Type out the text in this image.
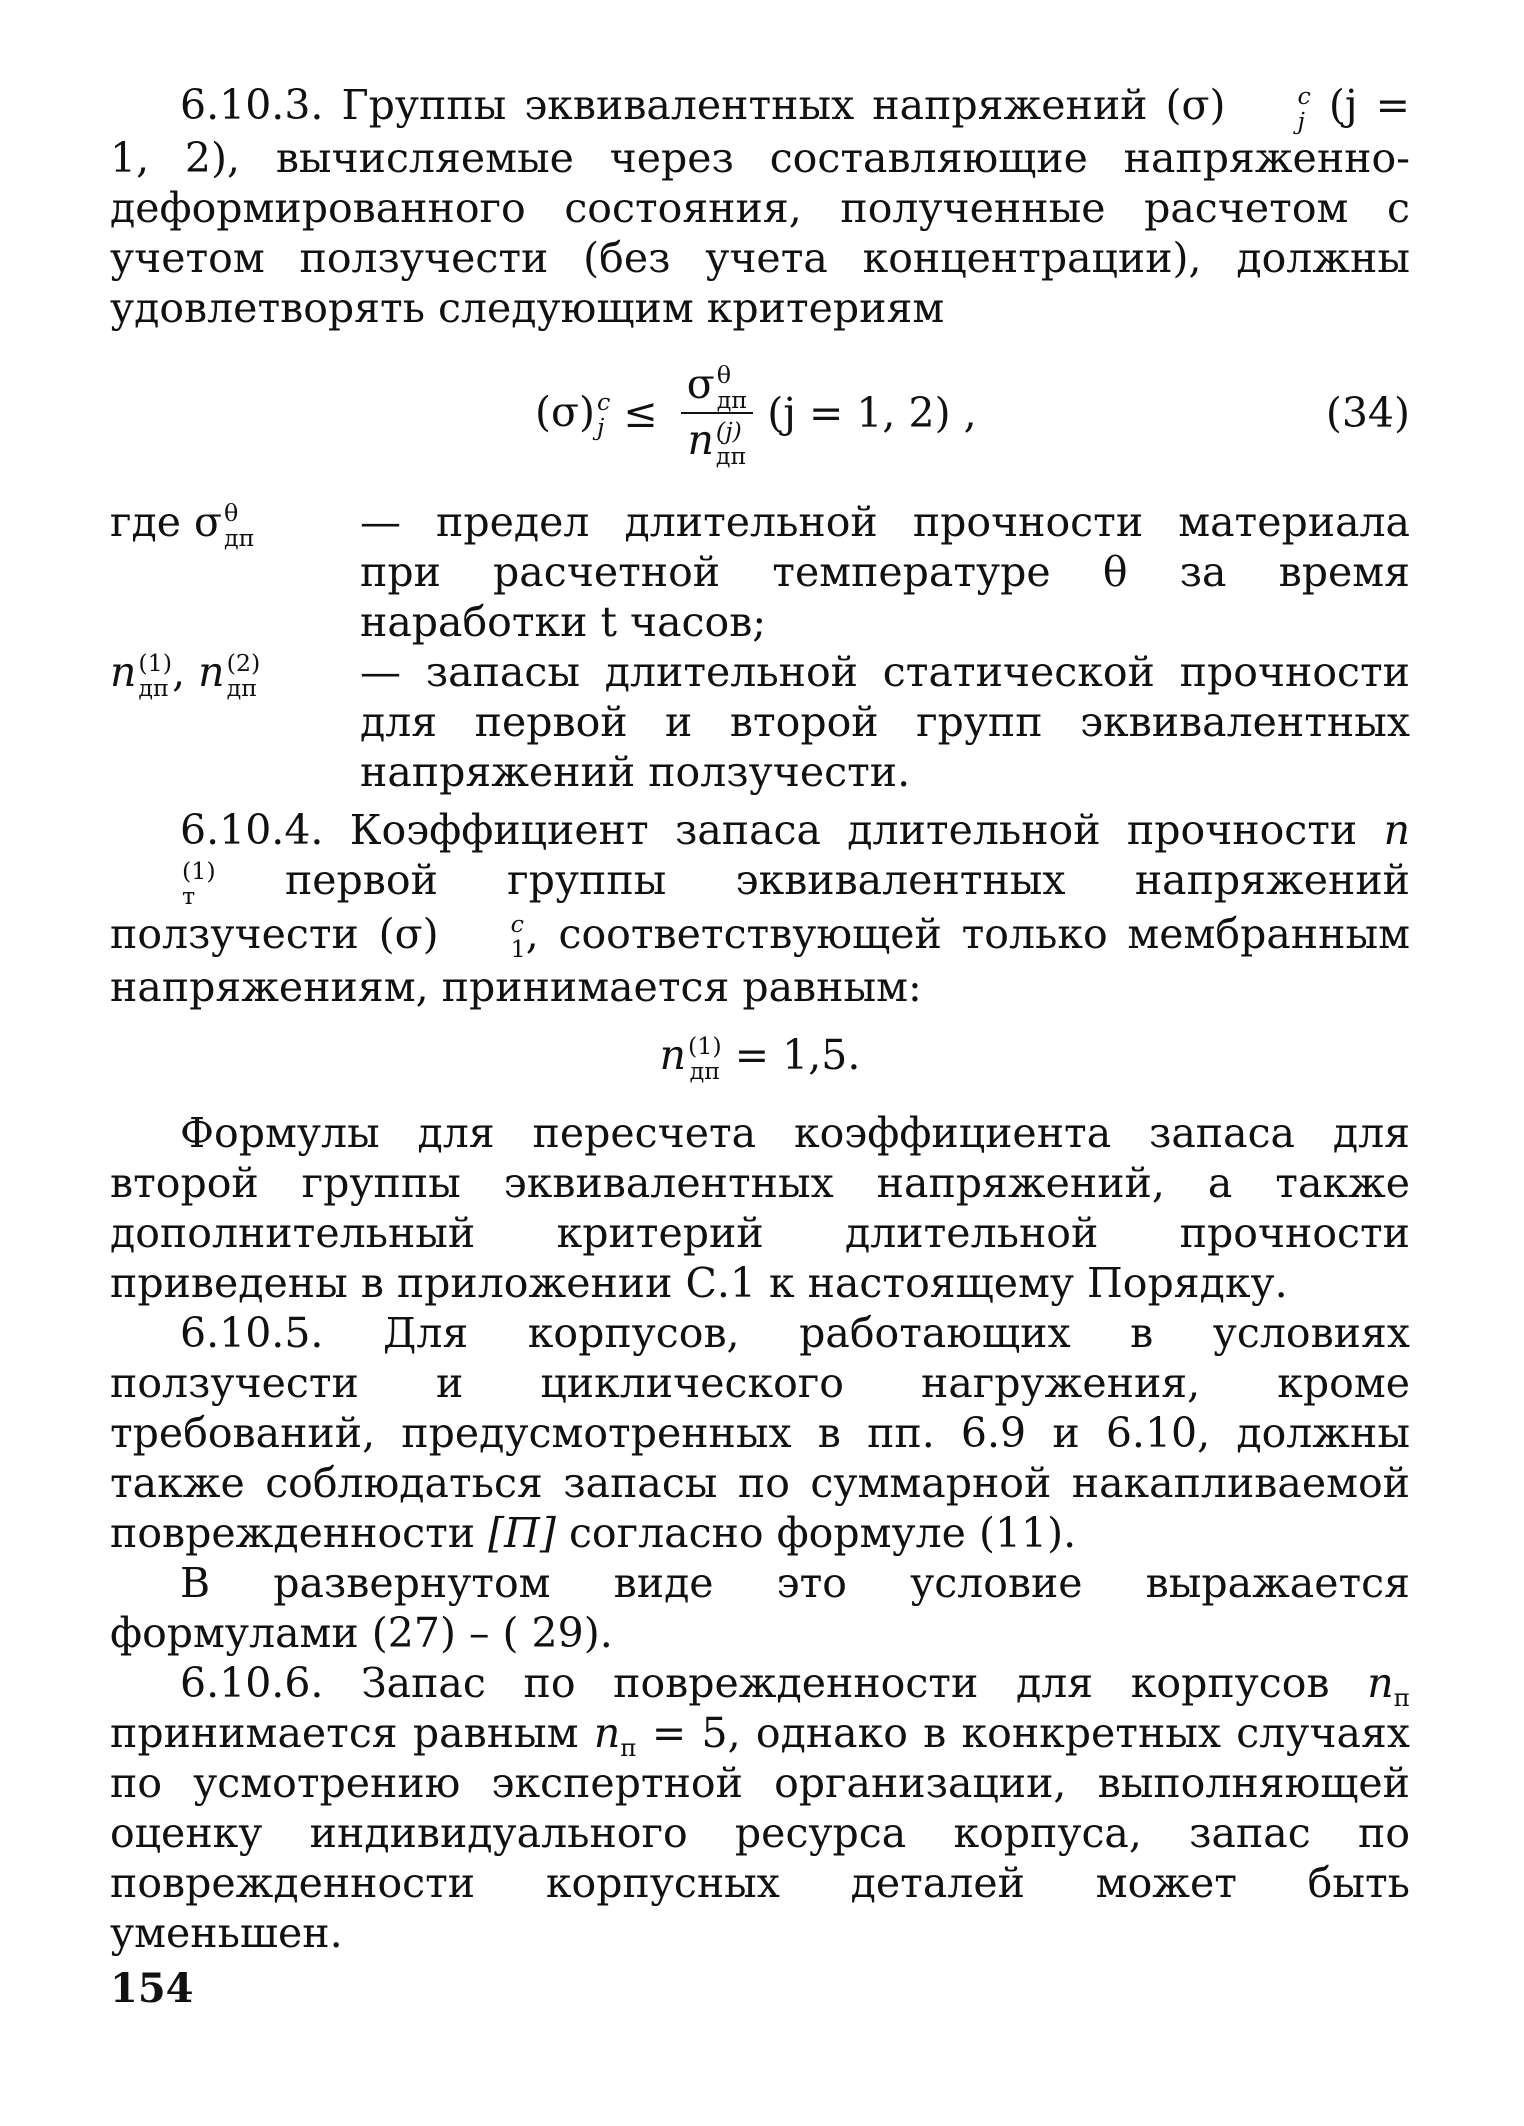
6.10.3. Группы эквивалентных напряжений (σ)	c
j (j = 1, 2), вычисляемые через составляющие напряженно-деформированного состояния, полученные расчетом с учетом ползучести (без учета концентрации), должны удовлетворять следующим критериям

(σ) c
j ≤ σ θ
дп
n (j)
дп (j = 1, 2) ,	(34)
где σ θ
дп	— предел длительной прочности материала при расчетной температуре θ за время наработки t часов;
n (1)
дп , n (2)
дп	— запасы длительной статической прочности для первой и второй групп эквивалентных напряжений ползучести.

6.10.4. Коэффициент запаса длительной прочности n
(1)
т первой группы эквивалентных напряжений ползучести (σ)	c
1 , соответствующей только мембранным напряжениям, принимается равным:

n (1)
дп = 1,5.

Формулы для пересчета коэффициента запаса для второй группы эквивалентных напряжений, а также дополнительный критерий длительной прочности приведены в приложении С.1 к настоящему Порядку.

6.10.5. Для корпусов, работающих в условиях ползучести и циклического нагружения, кроме требований, предусмотренных в пп. 6.9 и 6.10, должны также соблюдаться запасы по суммарной накапливаемой поврежденности [П] согласно формуле (11).

В развернутом виде это условие выражается формулами (27) – ( 29).

6.10.6. Запас по поврежденности для корпусов $n_п$ принимается равным $n_п = 5$, однако в конкретных случаях по усмотрению экспертной организации, выполняющей оценку индивидуального ресурса корпуса, запас по поврежденности корпусных деталей может быть уменьшен.

154
